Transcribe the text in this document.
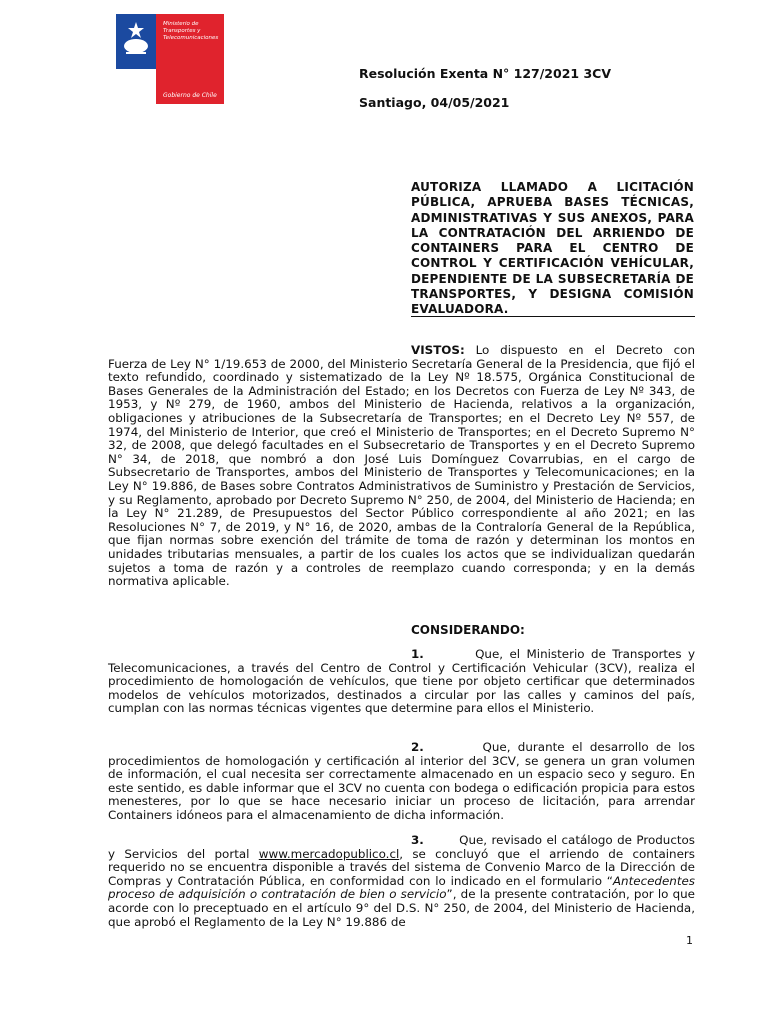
Ministerio de Transportes y Telecomunicaciones
Gobierno de Chile
Resolución Exenta N° 127/2021 3CV
Santiago, 04/05/2021
AUTORIZA LLAMADO A LICITACIÓN PÚBLICA, APRUEBA BASES TÉCNICAS, ADMINISTRATIVAS Y SUS ANEXOS, PARA LA CONTRATACIÓN DEL ARRIENDO DE CONTAINERS PARA EL CENTRO DE CONTROL Y CERTIFICACIÓN VEHÍCULAR, DEPENDIENTE DE LA SUBSECRETARÍA DE TRANSPORTES, Y DESIGNA COMISIÓN EVALUADORA.
VISTOS: Lo dispuesto en el Decreto con Fuerza de Ley N° 1/19.653 de 2000, del Ministerio Secretaría General de la Presidencia, que fijó el texto refundido, coordinado y sistematizado de la Ley Nº 18.575, Orgánica Constitucional de Bases Generales de la Administración del Estado; en los Decretos con Fuerza de Ley Nº 343, de 1953, y Nº 279, de 1960, ambos del Ministerio de Hacienda, relativos a la organización, obligaciones y atribuciones de la Subsecretaría de Transportes; en el Decreto Ley Nº 557, de 1974, del Ministerio de Interior, que creó el Ministerio de Transportes; en el Decreto Supremo N° 32, de 2008, que delegó facultades en el Subsecretario de Transportes y en el Decreto Supremo N° 34, de 2018, que nombró a don José Luis Domínguez Covarrubias, en el cargo de Subsecretario de Transportes, ambos del Ministerio de Transportes y Telecomunicaciones; en la Ley N° 19.886, de Bases sobre Contratos Administrativos de Suministro y Prestación de Servicios, y su Reglamento, aprobado por Decreto Supremo N° 250, de 2004, del Ministerio de Hacienda; en la Ley N° 21.289, de Presupuestos del Sector Público correspondiente al año 2021; en las Resoluciones N° 7, de 2019, y N° 16, de 2020, ambas de la Contraloría General de la República, que fijan normas sobre exención del trámite de toma de razón y determinan los montos en unidades tributarias mensuales, a partir de los cuales los actos que se individualizan quedarán sujetos a toma de razón y a controles de reemplazo cuando corresponda; y en la demás normativa aplicable.
CONSIDERANDO:
1.	Que, el Ministerio de Transportes y Telecomunicaciones, a través del Centro de Control y Certificación Vehicular (3CV), realiza el procedimiento de homologación de vehículos, que tiene por objeto certificar que determinados modelos de vehículos motorizados, destinados a circular por las calles y caminos del país, cumplan con las normas técnicas vigentes que determine para ellos el Ministerio.
2.	Que, durante el desarrollo de los procedimientos de homologación y certificación al interior del 3CV, se genera un gran volumen de información, el cual necesita ser correctamente almacenado en un espacio seco y seguro. En este sentido, es dable informar que el 3CV no cuenta con bodega o edificación propicia para estos menesteres, por lo que se hace necesario iniciar un proceso de licitación, para arrendar Containers idóneos para el almacenamiento de dicha información.
3.	Que, revisado el catálogo de Productos y Servicios del portal www.mercadopublico.cl, se concluyó que el arriendo de containers requerido no se encuentra disponible a través del sistema de Convenio Marco de la Dirección de Compras y Contratación Pública, en conformidad con lo indicado en el formulario “Antecedentes proceso de adquisición o contratación de bien o servicio”, de la presente contratación, por lo que acorde con lo preceptuado en el artículo 9° del D.S. N° 250, de 2004, del Ministerio de Hacienda, que aprobó el Reglamento de la Ley N° 19.886 de
1
